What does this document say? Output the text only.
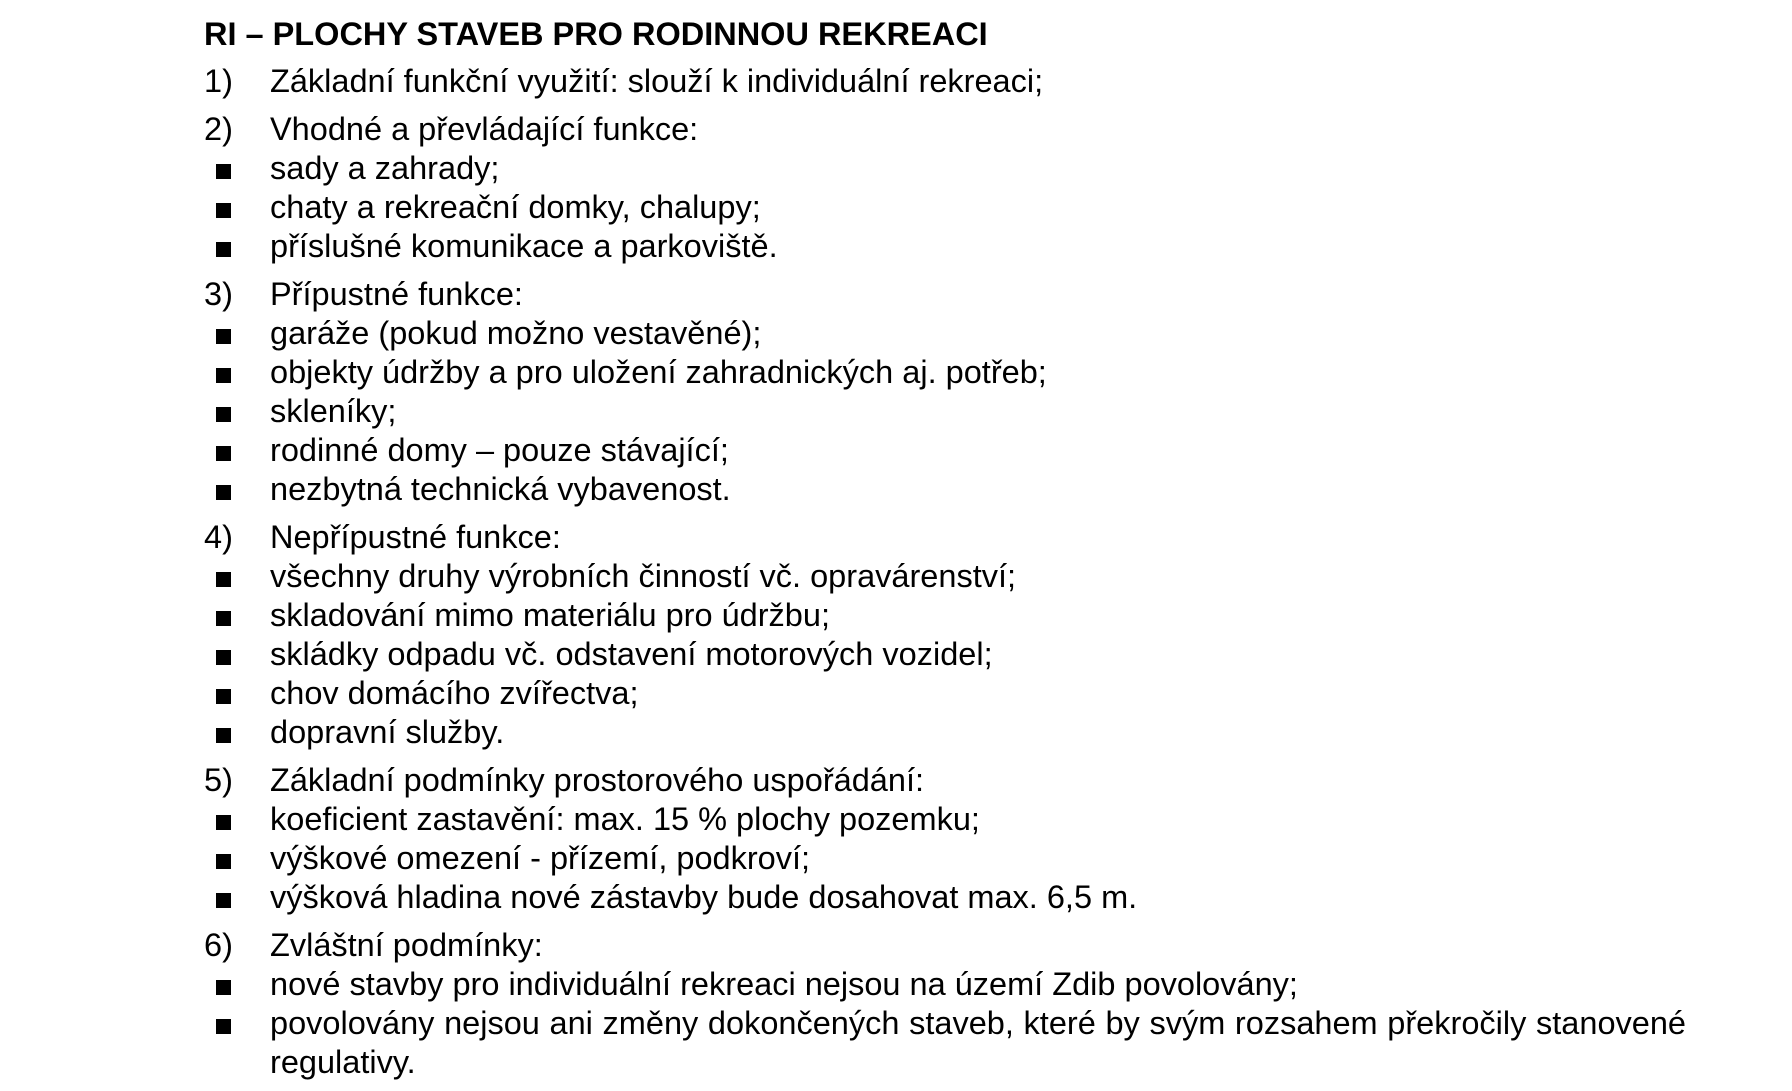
RI – PLOCHY STAVEB PRO RODINNOU REKREACI
1)	Základní funkční využití: slouží k individuální rekreaci;
2)	Vhodné a převládající funkce:
sady a zahrady;
chaty a rekreační domky, chalupy;
příslušné komunikace a parkoviště.
3)	Přípustné funkce:
garáže (pokud možno vestavěné);
objekty údržby a pro uložení zahradnických aj. potřeb;
skleníky;
rodinné domy – pouze stávající;
nezbytná technická vybavenost.
4)	Nepřípustné funkce:
všechny druhy výrobních činností vč. opravárenství;
skladování mimo materiálu pro údržbu;
skládky odpadu vč. odstavení motorových vozidel;
chov domácího zvířectva;
dopravní služby.
5)	Základní podmínky prostorového uspořádání:
koeficient zastavění: max. 15 % plochy pozemku;
výškové omezení - přízemí, podkroví;
výšková hladina nové zástavby bude dosahovat max. 6,5 m.
6)	Zvláštní podmínky:
nové stavby pro individuální rekreaci nejsou na území Zdib povolovány;
povolovány nejsou ani změny dokončených staveb, které by svým rozsahem překročily stanovené regulativy.
